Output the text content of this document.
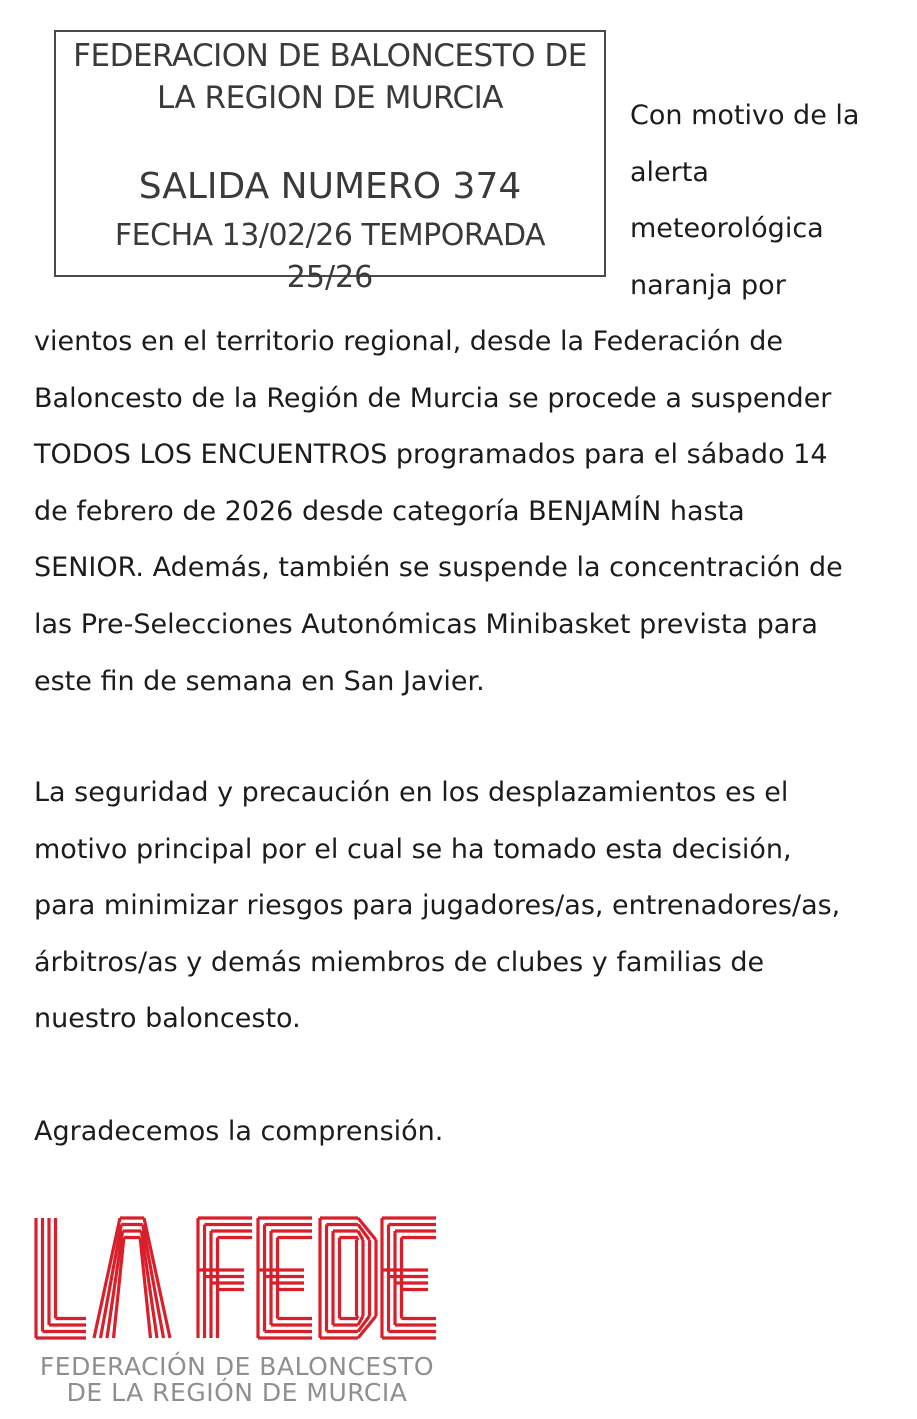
FEDERACION DE BALONCESTO DE
LA REGION DE MURCIA
SALIDA NUMERO 374
FECHA 13/02/26 TEMPORADA
25/26
Con motivo de la
alerta
meteorológica
naranja por
vientos en el territorio regional, desde la Federación de
Baloncesto de la Región de Murcia se procede a suspender
TODOS LOS ENCUENTROS programados para el sábado 14
de febrero de 2026 desde categoría BENJAMÍN hasta
SENIOR. Además, también se suspende la concentración de
las Pre-Selecciones Autonómicas Minibasket prevista para
este fin de semana en San Javier.
La seguridad y precaución en los desplazamientos es el
motivo principal por el cual se ha tomado esta decisión,
para minimizar riesgos para jugadores/as, entrenadores/as,
árbitros/as y demás miembros de clubes y familias de
nuestro baloncesto.
Agradecemos la comprensión.
FEDERACIÓN DE BALONCESTO
DE LA REGIÓN DE MURCIA
